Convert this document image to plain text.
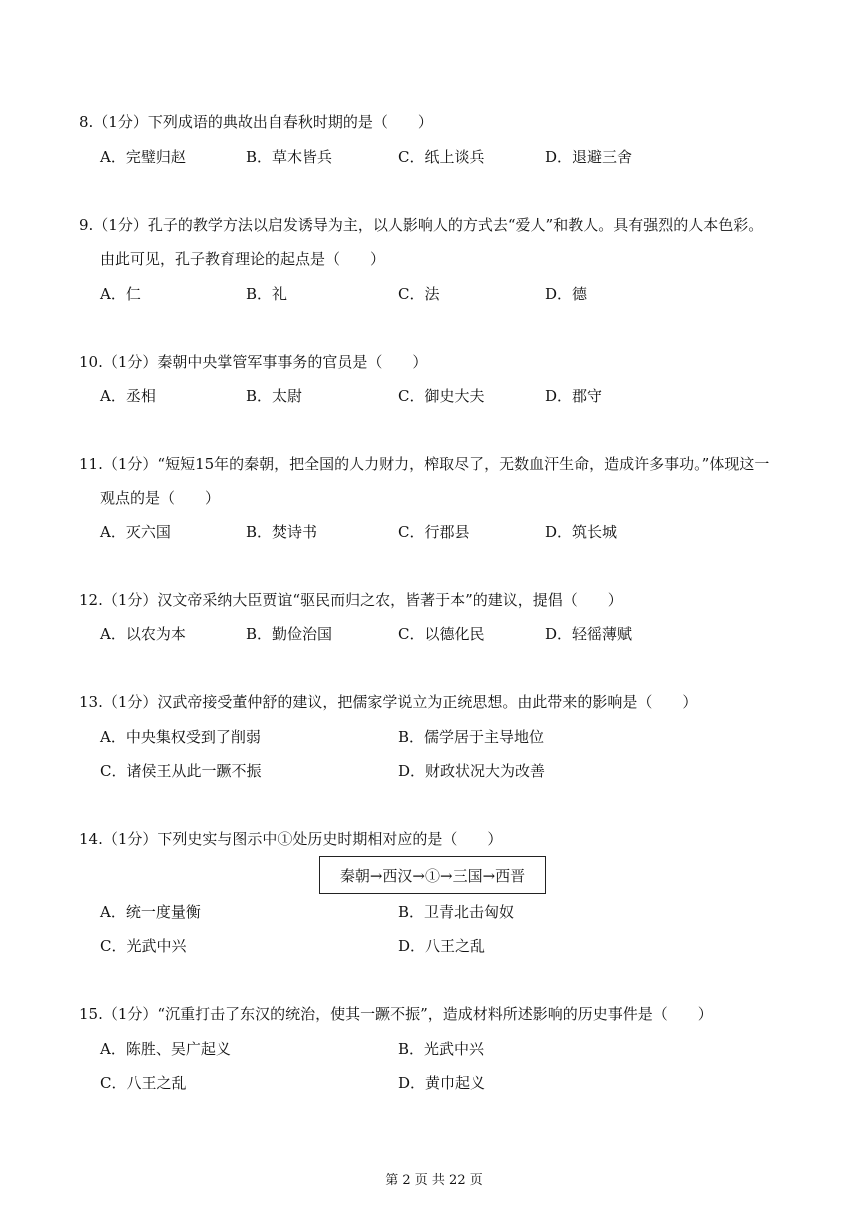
8.（1分）下列成语的典故出自春秋时期的是（　　）
A．完璧归赵	B．草木皆兵	C．纸上谈兵	D．退避三舍
9.（1分）孔子的教学方法以启发诱导为主，以人影响人的方式去“爱人”和教人。具有强烈的人本色彩。
由此可见，孔子教育理论的起点是（　　）
A．仁	B．礼	C．法	D．德
10.（1分）秦朝中央掌管军事事务的官员是（　　）
A．丞相	B．太尉	C．御史大夫	D．郡守
11.（1分）“短短15年的秦朝，把全国的人力财力，榨取尽了，无数血汗生命，造成许多事功。”体现这一
观点的是（　　）
A．灭六国	B．焚诗书	C．行郡县	D．筑长城
12.（1分）汉文帝采纳大臣贾谊“驱民而归之农，皆著于本”的建议，提倡（　　）
A．以农为本	B．勤俭治国	C．以德化民	D．轻徭薄赋
13.（1分）汉武帝接受董仲舒的建议，把儒家学说立为正统思想。由此带来的影响是（　　）
A．中央集权受到了削弱	B．儒学居于主导地位
C．诸侯王从此一蹶不振	D．财政状况大为改善
14.（1分）下列史实与图示中①处历史时期相对应的是（　　）
秦朝→西汉→①→三国→西晋
A．统一度量衡	B．卫青北击匈奴
C．光武中兴	D．八王之乱
15.（1分）“沉重打击了东汉的统治，使其一蹶不振”，造成材料所述影响的历史事件是（　　）
A．陈胜、吴广起义	B．光武中兴
C．八王之乱	D．黄巾起义
第 2 页 共 22 页
